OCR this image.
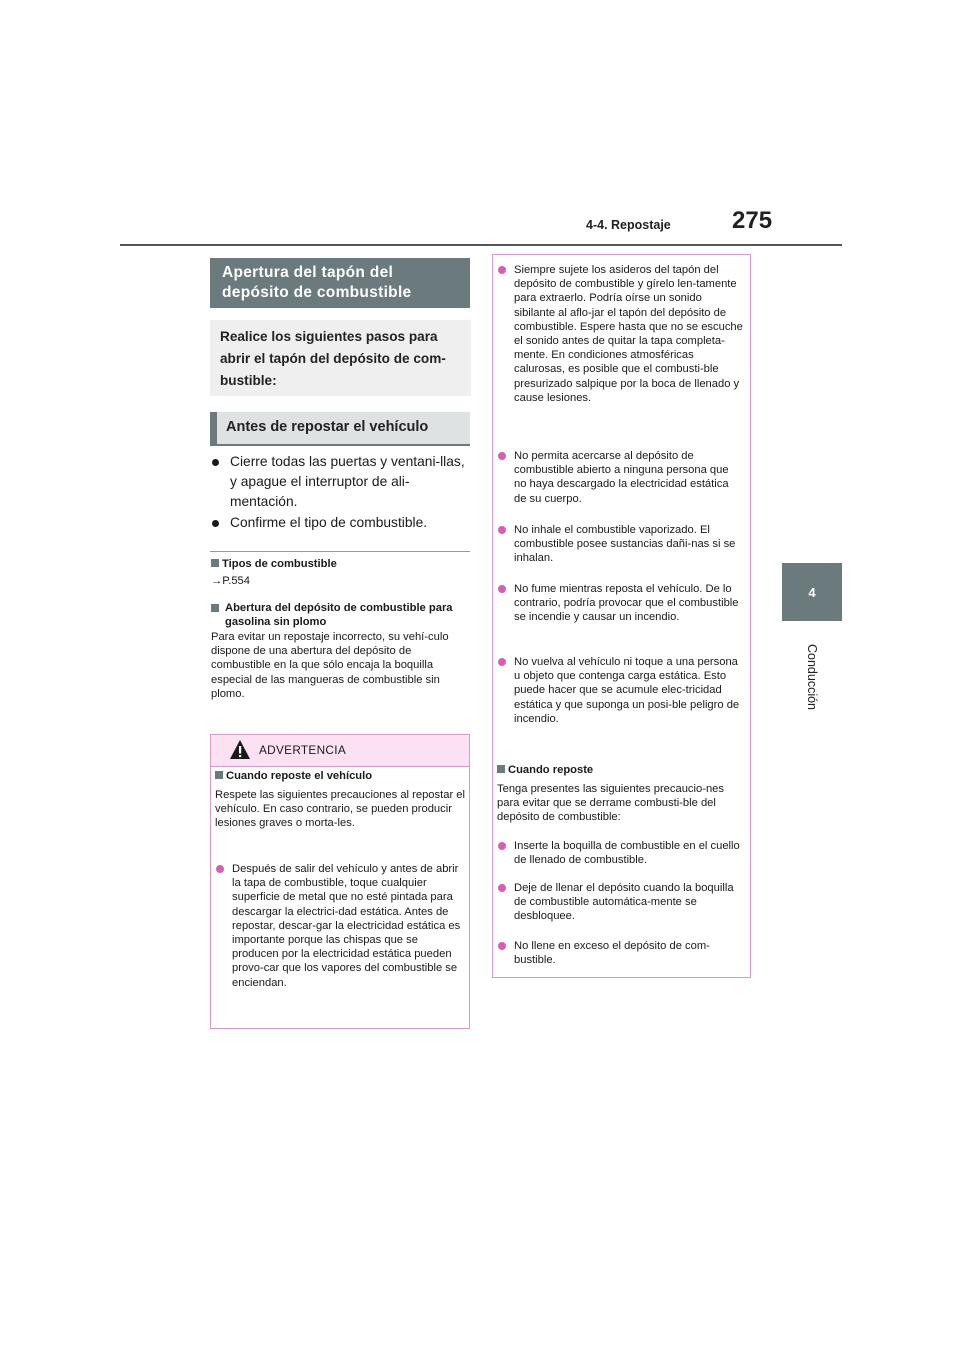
4-4. Repostaje	275
4
Conducción
Apertura del tapón del depósito de combustible
Realice los siguientes pasos para abrir el tapón del depósito de com-bustible:
Antes de repostar el vehículo
Cierre todas las puertas y ventani-llas, y apague el interruptor de ali-mentación.
Confirme el tipo de combustible.
Tipos de combustible
→P.554
Abertura del depósito de combustible para gasolina sin plomo
Para evitar un repostaje incorrecto, su vehí-culo dispone de una abertura del depósito de combustible en la que sólo encaja la boquilla especial de las mangueras de combustible sin plomo.
ADVERTENCIA
Cuando reposte el vehículo
Respete las siguientes precauciones al repostar el vehículo. En caso contrario, se pueden producir lesiones graves o morta-les.
Después de salir del vehículo y antes de abrir la tapa de combustible, toque cualquier superficie de metal que no esté pintada para descargar la electrici-dad estática. Antes de repostar, descar-gar la electricidad estática es importante porque las chispas que se producen por la electricidad estática pueden provo-car que los vapores del combustible se enciendan.
Siempre sujete los asideros del tapón del depósito de combustible y gírelo len-tamente para extraerlo. Podría oírse un sonido sibilante al aflo-jar el tapón del depósito de combustible. Espere hasta que no se escuche el sonido antes de quitar la tapa completa-mente. En condiciones atmosféricas calurosas, es posible que el combusti-ble presurizado salpique por la boca de llenado y cause lesiones.
No permita acercarse al depósito de combustible abierto a ninguna persona que no haya descargado la electricidad estática de su cuerpo.
No inhale el combustible vaporizado. El combustible posee sustancias dañi-nas si se inhalan.
No fume mientras reposta el vehículo. De lo contrario, podría provocar que el combustible se incendie y causar un incendio.
No vuelva al vehículo ni toque a una persona u objeto que contenga carga estática. Esto puede hacer que se acumule elec-tricidad estática y que suponga un posi-ble peligro de incendio.
Cuando reposte
Tenga presentes las siguientes precaucio-nes para evitar que se derrame combusti-ble del depósito de combustible:
Inserte la boquilla de combustible en el cuello de llenado de combustible.
Deje de llenar el depósito cuando la boquilla de combustible automática-mente se desbloquee.
No llene en exceso el depósito de com-bustible.
